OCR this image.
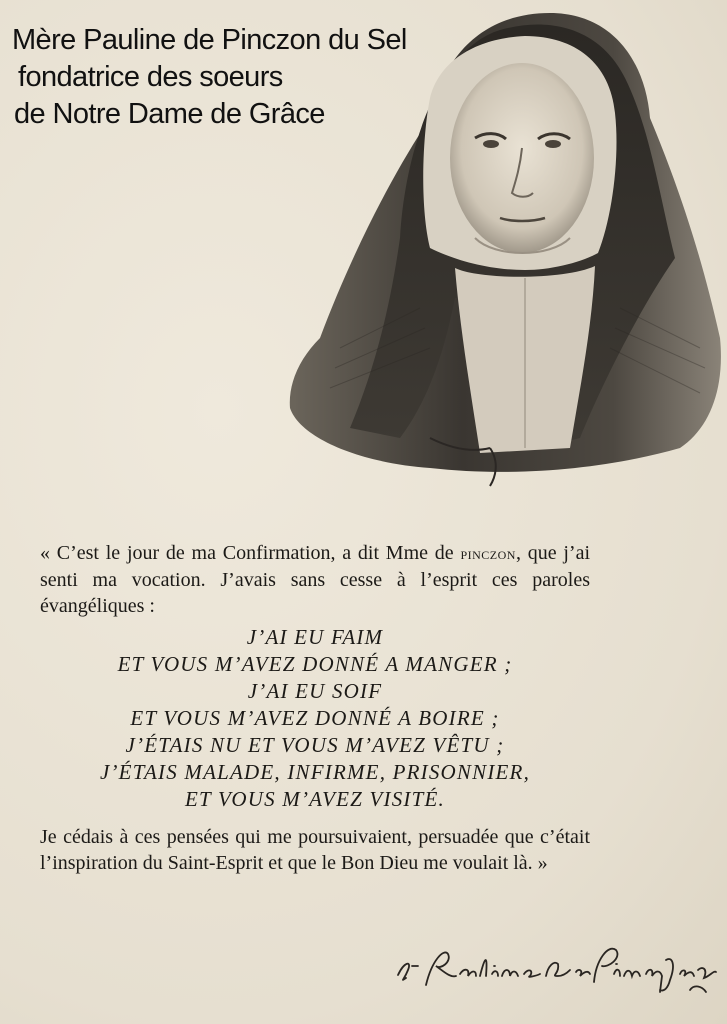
Mère Pauline de Pinczon du Sel
fondatrice des soeurs
de Notre Dame de Grâce

« C’est le jour de ma Confirmation, a dit Mme de pinczon, que j’ai senti ma vocation. J’avais sans cesse à l’esprit ces paroles évangéliques :

J’AI EU FAIM
ET VOUS M’AVEZ DONNÉ A MANGER ;
J’AI EU SOIF
ET VOUS M’AVEZ DONNÉ A BOIRE ;
J’ÉTAIS NU ET VOUS M’AVEZ VÊTU ;
J’ÉTAIS MALADE, INFIRME, PRISONNIER,
ET VOUS M’AVEZ VISITÉ.

Je cédais à ces pensées qui me poursuivaient, persuadée que c’était l’inspiration du Saint-Esprit et que le Bon Dieu me voulait là. »
